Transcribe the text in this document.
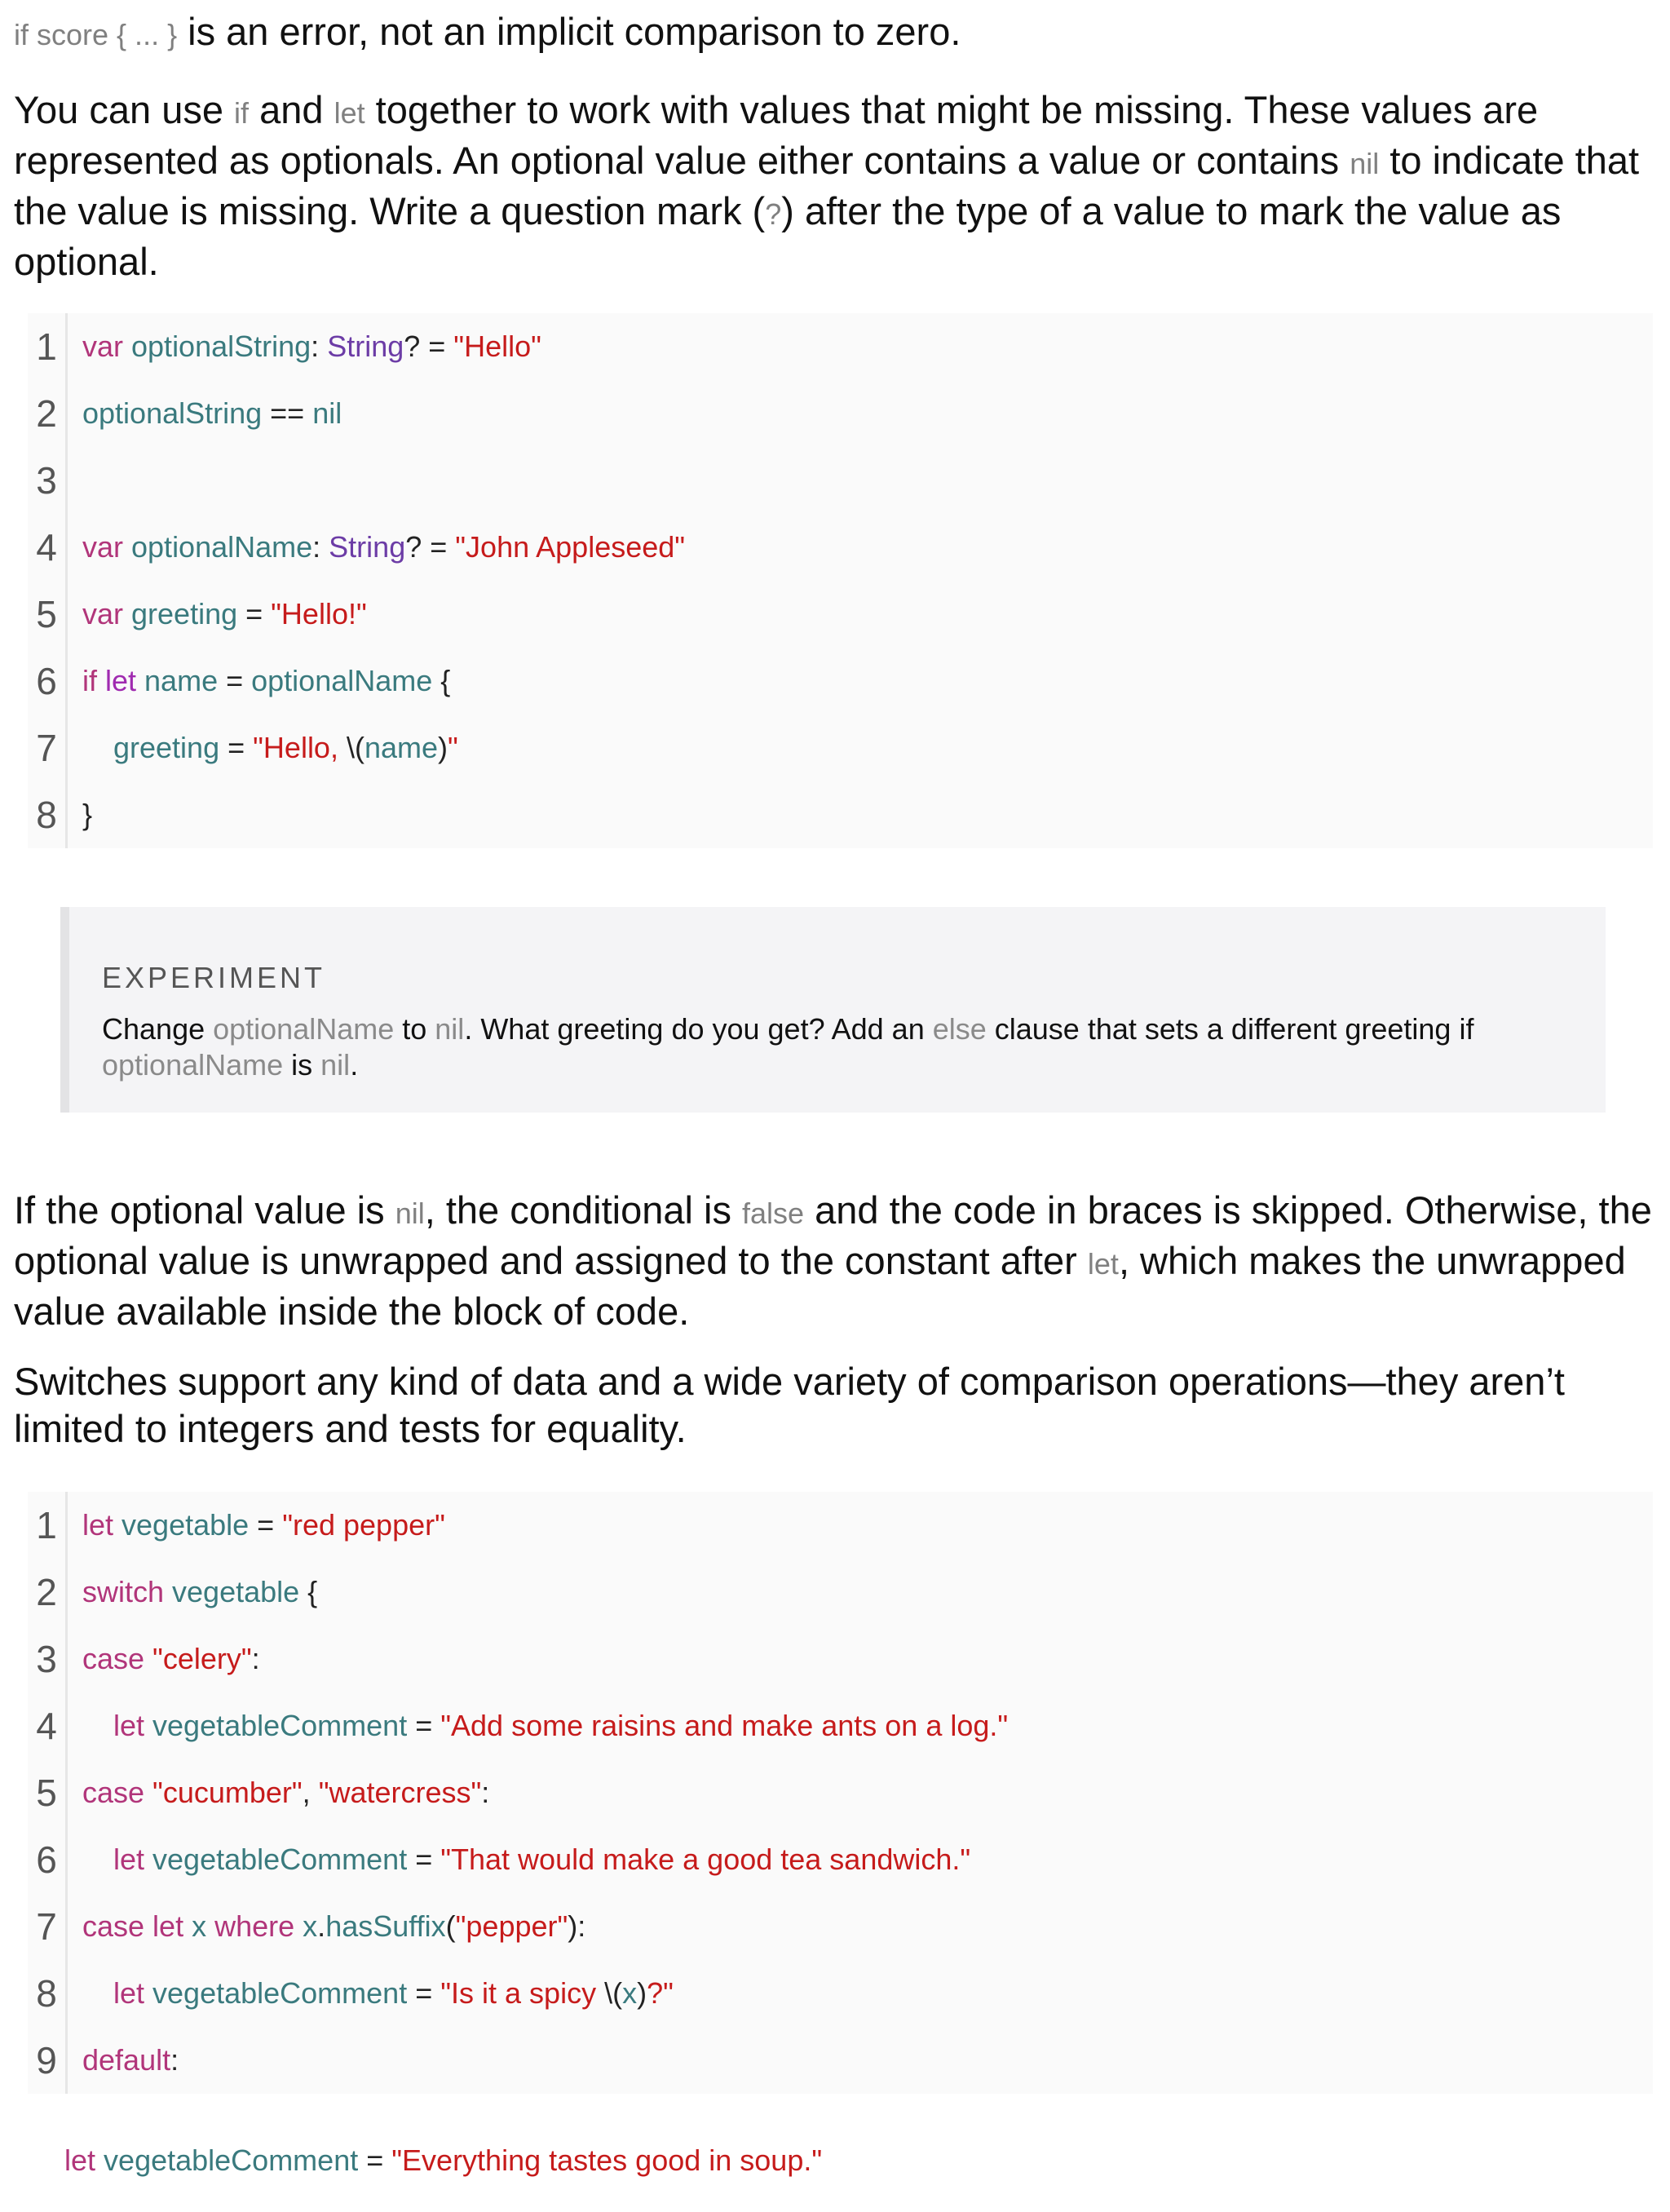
if score { ... } is an error, not an implicit comparison to zero.

You can use if and let together to work with values that might be missing. These values are represented as optionals. An optional value either contains a value or contains nil to indicate that the value is missing. Write a question mark (?) after the type of a value to mark the value as optional.

1 var optionalString: String? = "Hello"
2 optionalString == nil
3
4 var optionalName: String? = "John Appleseed"
5 var greeting = "Hello!"
6 if let name = optionalName {
7	greeting = "Hello, \(name)"
8 }

EXPERIMENT

Change optionalName to nil. What greeting do you get? Add an else clause that sets a different greeting if optionalName is nil.

If the optional value is nil, the conditional is false and the code in braces is skipped. Otherwise, the optional value is unwrapped and assigned to the constant after let, which makes the unwrapped value available inside the block of code.

Switches support any kind of data and a wide variety of comparison operations—they aren’t limited to integers and tests for equality.

1 let vegetable = "red pepper"
2 switch vegetable {
3 case "celery":
4	let vegetableComment = "Add some raisins and make ants on a log."
5 case "cucumber", "watercress":
6	let vegetableComment = "That would make a good tea sandwich."
7 case let x where x.hasSuffix("pepper"):
8	let vegetableComment = "Is it a spicy \(x)?"
9 default:

let vegetableComment = "Everything tastes good in soup."
